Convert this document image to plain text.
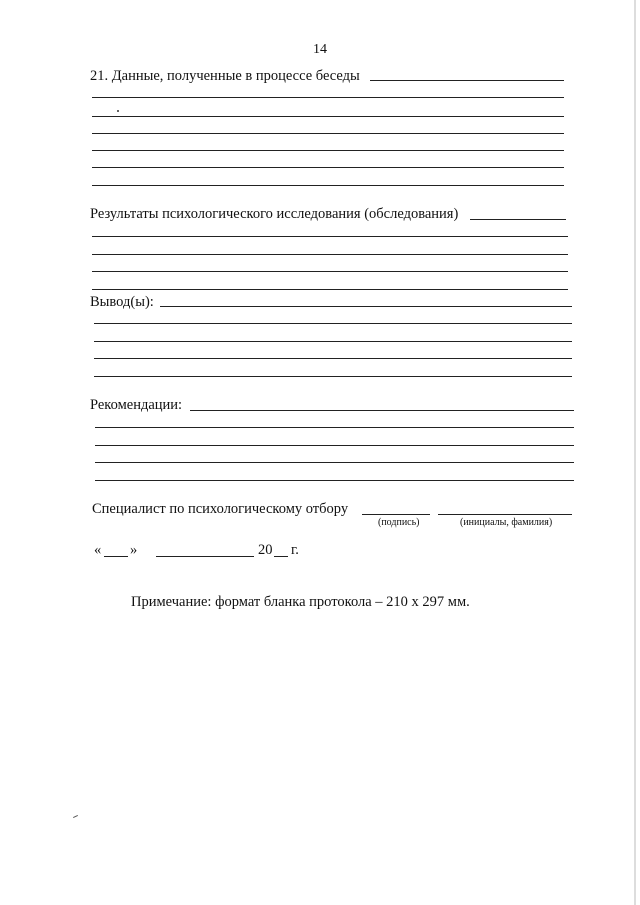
14
21. Данные, полученные в процессе беседы
Результаты психологического исследования (обследования)
Вывод(ы):
Рекомендации:
Специалист по психологическому отбору
(подпись)	(инициалы, фамилия)
« »	20 г.
Примечание: формат бланка протокола – 210 х 297 мм.
